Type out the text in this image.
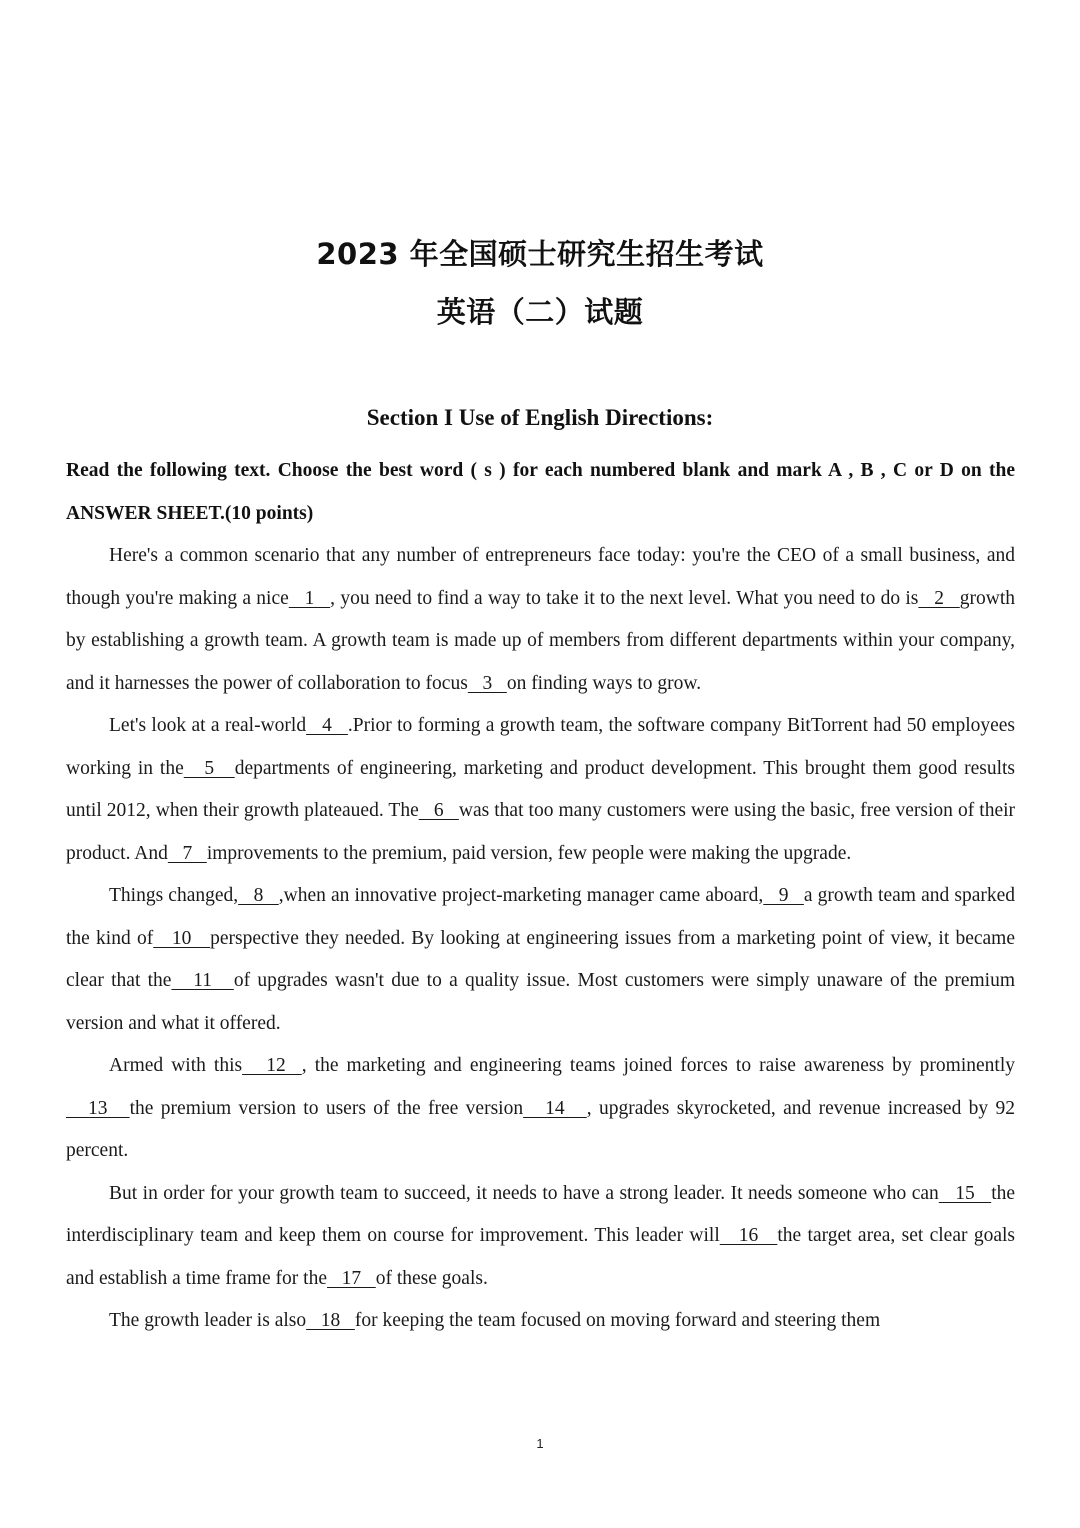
2023 年全国硕士研究生招生考试
英语（二）试题
Section I Use of English Directions:

Read the following text. Choose the best word ( s ) for each numbered blank and mark A , B , C or D on the ANSWER SHEET.(10 points)

Here's a common scenario that any number of entrepreneurs face today: you're the CEO of a small business, and though you're making a nice   1   , you need to find a way to take it to the next level. What you need to do is   2   growth by establishing a growth team. A growth team is made up of members from different departments within your company, and it harnesses the power of collaboration to focus   3   on finding ways to grow.

Let's look at a real-world   4   .Prior to forming a growth team, the software company BitTorrent had 50 employees working in the   5   departments of engineering, marketing and product development. This brought them good results until 2012, when their growth plateaued. The   6   was that too many customers were using the basic, free version of their product. And   7   improvements to the premium, paid version, few people were making the upgrade.

Things changed,   8   ,when an innovative project-marketing manager came aboard,   9   a growth team and sparked the kind of   10   perspective they needed. By looking at engineering issues from a marketing point of view, it became clear that the   11   of upgrades wasn't due to a quality issue. Most customers were simply unaware of the premium version and what it offered.

Armed with this   12  , the marketing and engineering teams joined forces to raise awareness by prominently   13   the premium version to users of the free version   14   , upgrades skyrocketed, and revenue increased by 92 percent.

But in order for your growth team to succeed, it needs to have a strong leader. It needs someone who can   15   the interdisciplinary team and keep them on course for improvement. This leader will   16   the target area, set clear goals and establish a time frame for the   17   of these goals.

The growth leader is also   18   for keeping the team focused on moving forward and steering them

1
